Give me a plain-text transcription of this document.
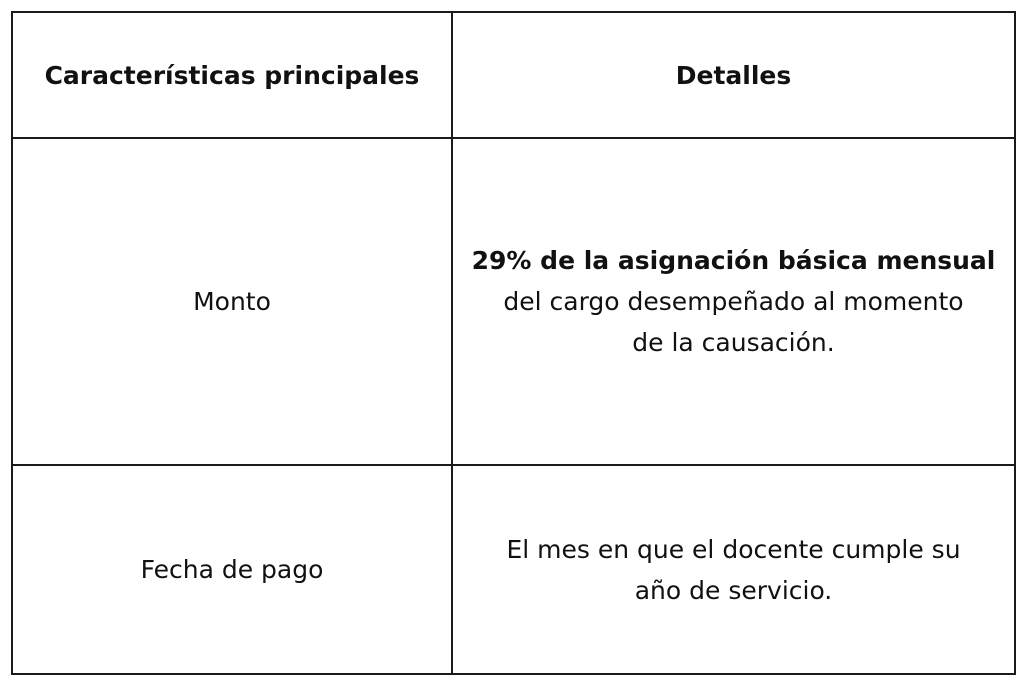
Características principales	Detalles
Monto	29% de la asignación básica mensual
del cargo desempeñado al momento
de la causación.
Fecha de pago	El mes en que el docente cumple su
año de servicio.
